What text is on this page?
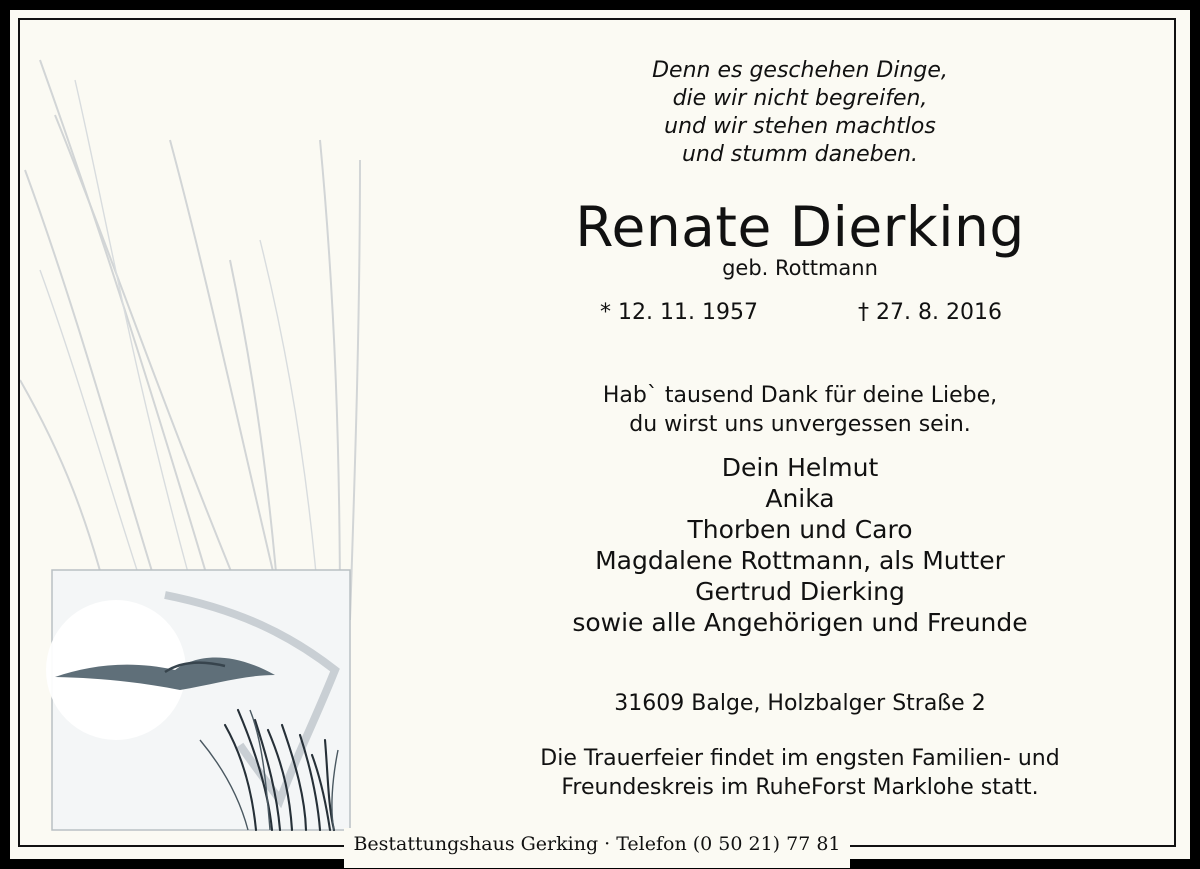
Denn es geschehen Dinge,
die wir nicht begreifen,
und wir stehen machtlos
und stumm daneben.
Renate Dierking
geb. Rottmann
* 12. 11. 1957	† 27. 8. 2016
Hab` tausend Dank für deine Liebe,
du wirst uns unvergessen sein.
Dein Helmut
Anika
Thorben und Caro
Magdalene Rottmann, als Mutter
Gertrud Dierking
sowie alle Angehörigen und Freunde
31609 Balge, Holzbalger Straße 2
Die Trauerfeier findet im engsten Familien- und
Freundeskreis im RuheForst Marklohe statt.
Bestattungshaus Gerking · Telefon (0 50 21) 77 81
